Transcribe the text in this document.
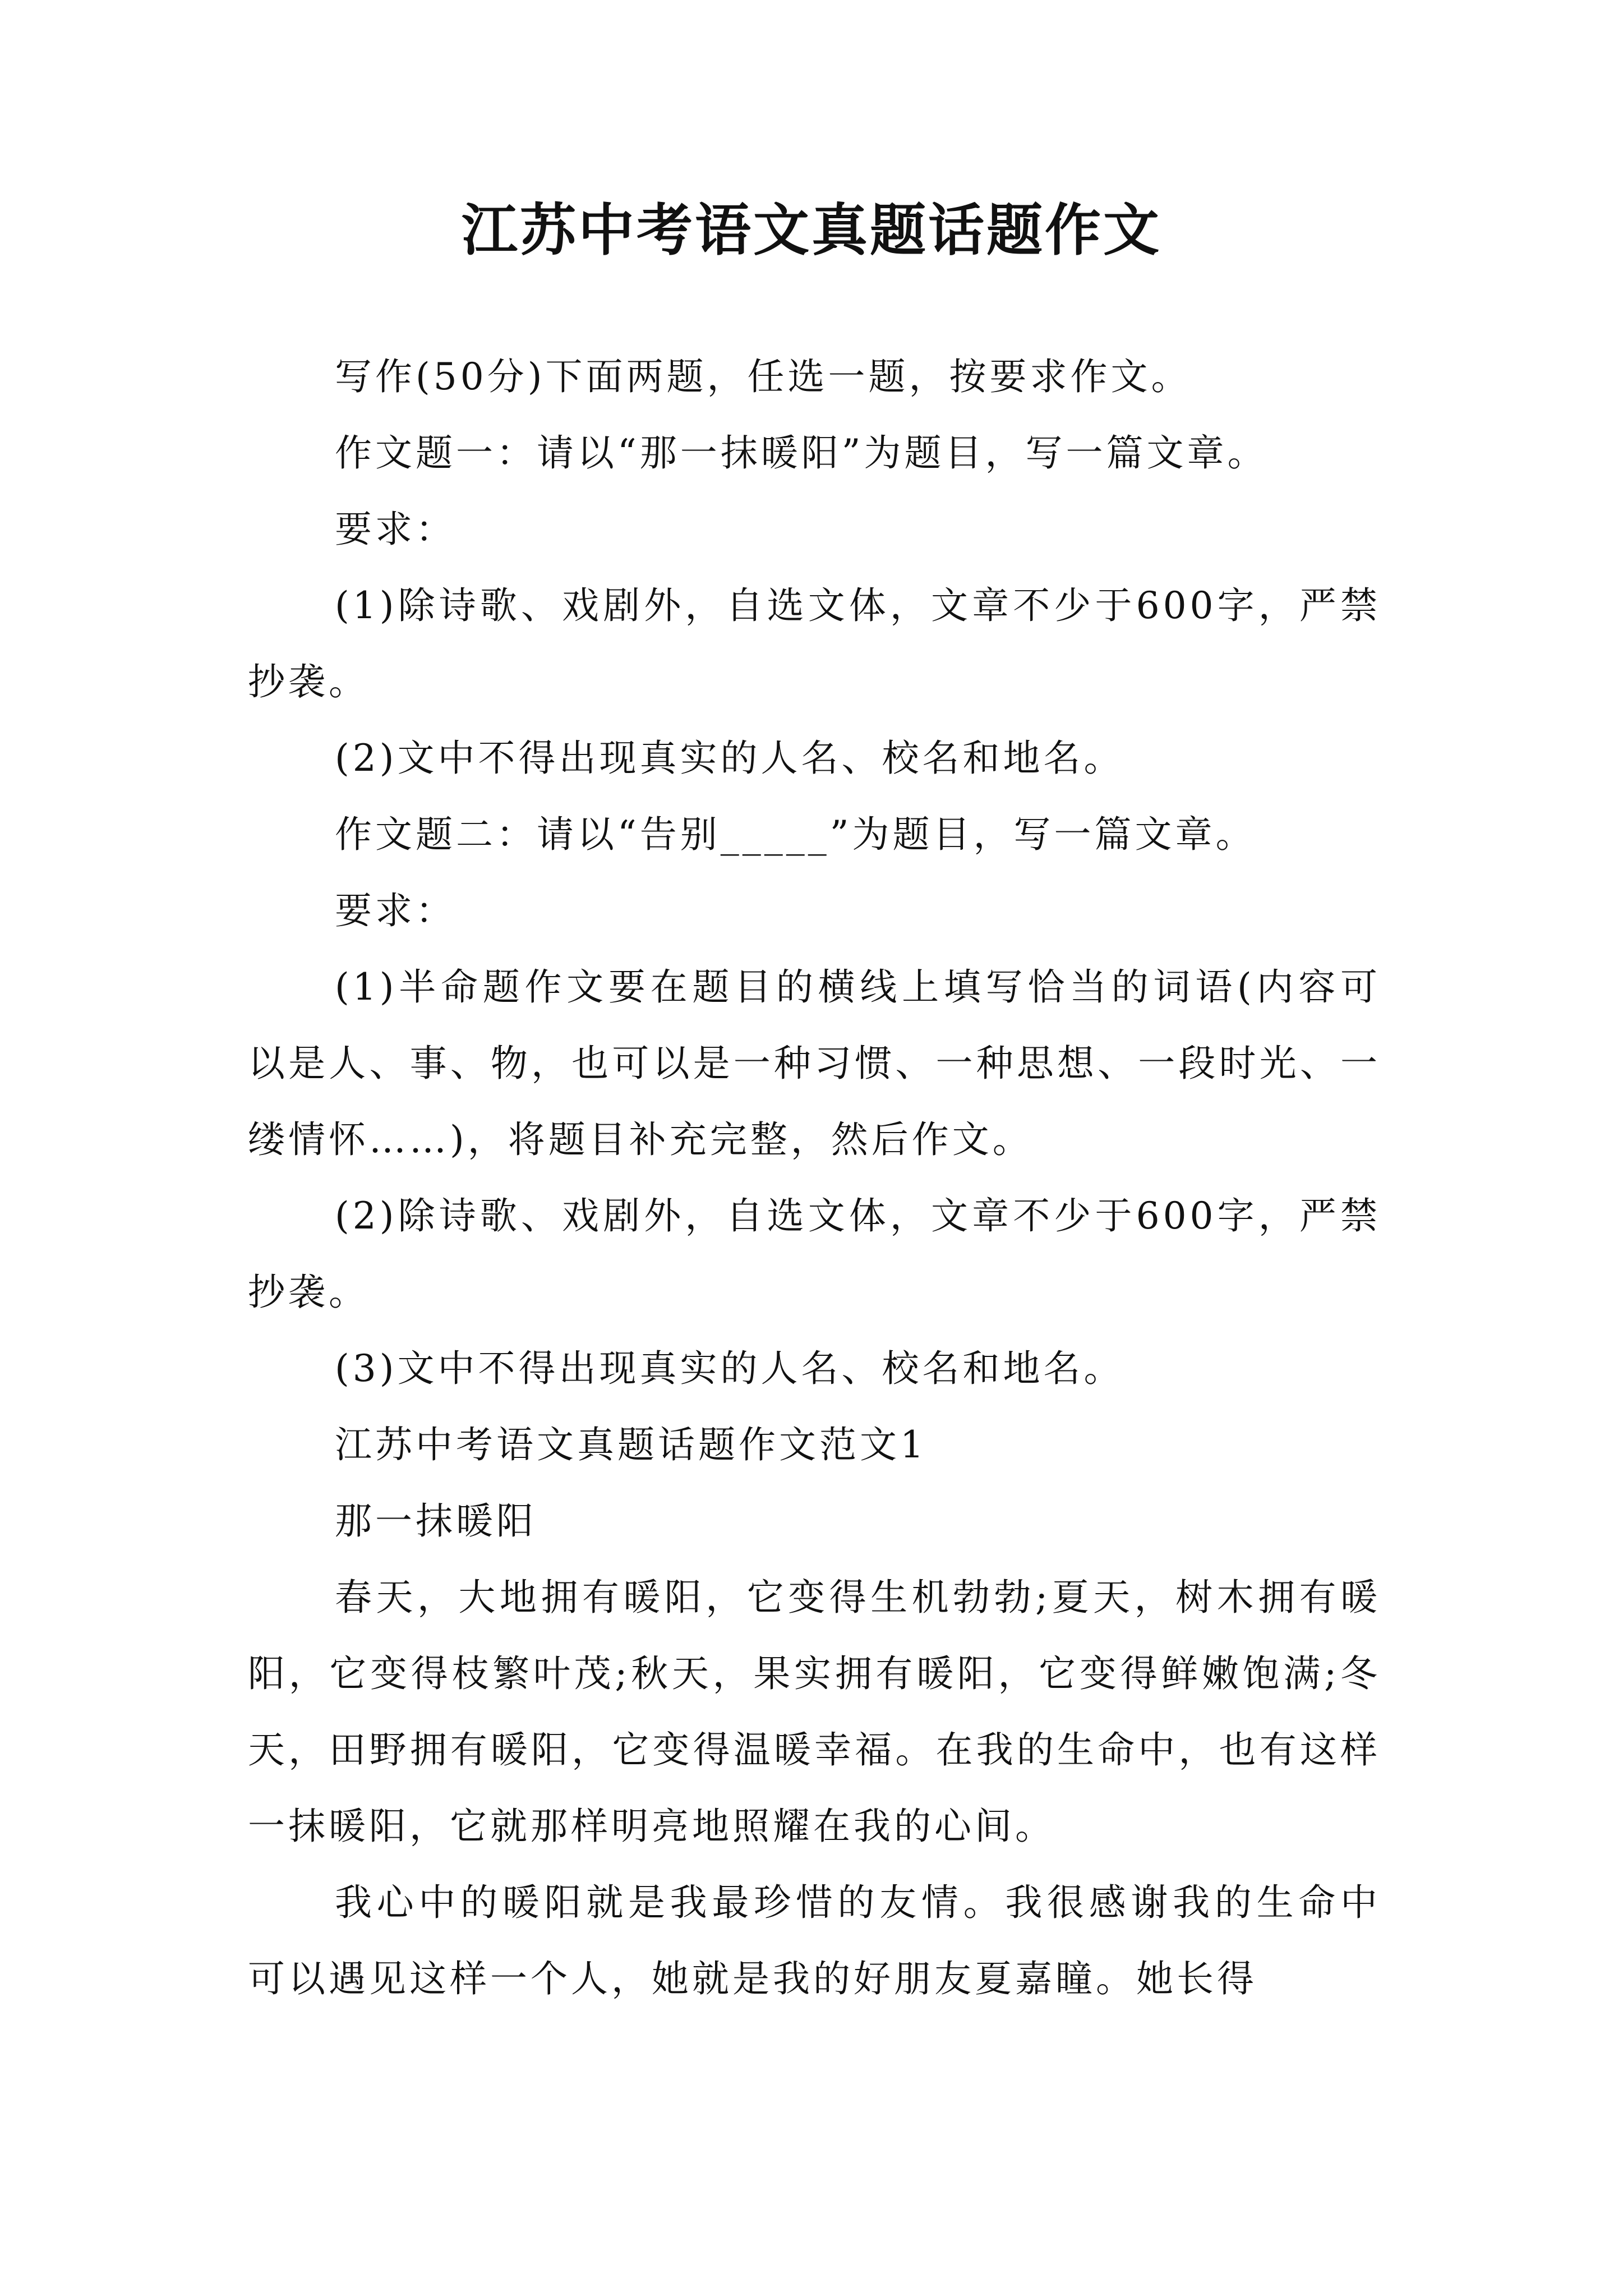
江苏中考语文真题话题作文

写作(50分)下面两题，任选一题，按要求作文。

作文题一：请以“那一抹暖阳”为题目，写一篇文章。

要求：

(1)除诗歌、戏剧外，自选文体，文章不少于600字，严禁抄袭。

(2)文中不得出现真实的人名、校名和地名。

作文题二：请以“告别_____”为题目，写一篇文章。

要求：

(1)半命题作文要在题目的横线上填写恰当的词语(内容可以是人、事、物，也可以是一种习惯、一种思想、一段时光、一缕情怀……)，将题目补充完整，然后作文。

(2)除诗歌、戏剧外，自选文体，文章不少于600字，严禁抄袭。

(3)文中不得出现真实的人名、校名和地名。

江苏中考语文真题话题作文范文1

那一抹暖阳

春天，大地拥有暖阳，它变得生机勃勃;夏天，树木拥有暖阳，它变得枝繁叶茂;秋天，果实拥有暖阳，它变得鲜嫩饱满;冬天，田野拥有暖阳，它变得温暖幸福。在我的生命中，也有这样一抹暖阳，它就那样明亮地照耀在我的心间。

我心中的暖阳就是我最珍惜的友情。我很感谢我的生命中可以遇见这样一个人，她就是我的好朋友夏嘉瞳。她长得
